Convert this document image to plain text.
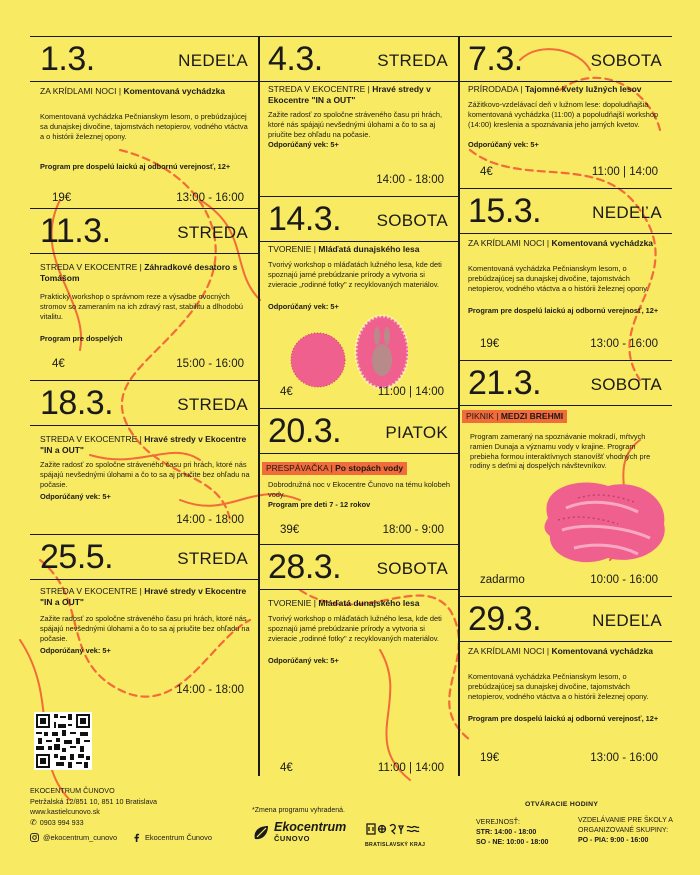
1.3.	NEDEĽA
ZA KRÍDLAMI NOCI | Komentovaná vychádzka
Komentovaná vychádzka Pečnianskym lesom, o prebúdzajúcej sa dunajskej divočine, tajomstvách netopierov, vodného vtáctva a o histórii železnej opony.
Program pre dospelú laickú aj odbornú verejnosť, 12+
19€	13:00 - 16:00
11.3.	STREDA
STREDA V EKOCENTRE | Záhradkové desatoro s Tomášom
Praktický workshop o správnom reze a výsadbe ovocných stromov so zameraním na ich zdravý rast, stabilitu a dlhodobú vitalitu.
Program pre dospelých
4€	15:00 - 16:00
18.3.	STREDA
STREDA V EKOCENTRE | Hravé stredy v Ekocentre "IN a OUT"
Zažite radosť zo spoločne stráveného času pri hrách, ktoré nás spájajú nevšednými úlohami a čo to sa aj priučite bez ohľadu na počasie.
Odporúčaný vek: 5+
14:00 - 18:00
25.5.	STREDA
STREDA V EKOCENTRE | Hravé stredy v Ekocentre "IN a OUT"
Zažite radosť zo spoločne stráveného času pri hrách, ktoré nás spájajú nevšednými úlohami a čo to sa aj priučite bez ohľadu na počasie.
Odporúčaný vek: 5+
14:00 - 18:00
4.3.	STREDA
STREDA V EKOCENTRE | Hravé stredy v Ekocentre "IN a OUT"
Zažite radosť zo spoločne stráveného času pri hrách, ktoré nás spájajú nevšednými úlohami a čo to sa aj priučite bez ohľadu na počasie.
Odporúčaný vek: 5+
14:00 - 18:00
14.3. SOBOTA
TVORENIE | Mláďatá dunajského lesa
Tvorivý workshop o mláďatách lužného lesa, kde deti spoznajú jarné prebúdzanie prírody a vytvoria si zvieracie „rodinné fotky" z recyklovaných materiálov.
Odporúčaný vek: 5+
4€	11:00 | 14:00
20.3.	PIATOK
PRESPÁVAČKA | Po stopách vody
Dobrodružná noc v Ekocentre Čunovo na tému kolobeh vody.
Program pre deti 7 - 12 rokov
39€	18:00 - 9:00
28.3. SOBOTA
TVORENIE | Mláďatá dunajského lesa
Tvorivý workshop o mláďatách lužného lesa, kde deti spoznajú jarné prebúdzanie prírody a vytvoria si zvieracie „rodinné fotky" z recyklovaných materiálov.
Odporúčaný vek: 5+
4€	11:00 | 14:00
7.3.	SOBOTA
PRÍRODADA | Tajomné kvety lužných lesov
Zážitkovo-vzdelávací deň v lužnom lese: dopoludňajšia komentovaná vychádzka (11:00) a popoludňajší workshop (14:00) kreslenia a spoznávania jeho jarných kvetov.
Odporúčaný vek: 5+
4€	11:00 | 14:00
15.3.	NEDEĽA
ZA KRÍDLAMI NOCI | Komentovaná vychádzka
Komentovaná vychádzka Pečnianskym lesom, o prebúdzajúcej sa dunajskej divočine, tajomstvách netopierov, vodného vtáctva a o histórii železnej opony.
Program pre dospelú laickú aj odbornú verejnosť, 12+
19€	13:00 - 16:00
21.3.	SOBOTA
PIKNIK | MEDZI BREHMI
Program zameraný na spoznávanie mokradí, mŕtvych ramien Dunaja a významu vody v krajine. Program prebieha formou interaktívnych stanovíšť vhodných pre rodiny s deťmi aj dospelých návštevníkov.
zadarmo	10:00 - 16:00
29.3.	NEDEĽA
ZA KRÍDLAMI NOCI | Komentovaná vychádzka
Komentovaná vychádzka Pečnianskym lesom, o prebúdzajúcej sa dunajskej divočine, tajomstvách netopierov, vodného vtáctva a o histórii železnej opony.
Program pre dospelú laickú aj odbornú verejnosť, 12+
19€	13:00 - 16:00
EKOCENTRUM ČUNOVO
Petržalská 12/851 10, 851 10 Bratislava
www.kastielcunovo.sk
✆ 0903 994 933
@ekocentrum_cunovo	Ekocentrum Čunovo
*Zmena programu vyhradená.
Ekocentrum
ČUNOVO
BRATISLAVSKÝ KRAJ
OTVÁRACIE HODINY
VEREJNOSŤ:
STR: 14:00 - 18:00
SO - NE: 10:00 - 18:00
VZDELÁVANIE PRE ŠKOLY A
ORGANIZOVANÉ SKUPINY:
PO - PIA: 9:00 - 16:00
